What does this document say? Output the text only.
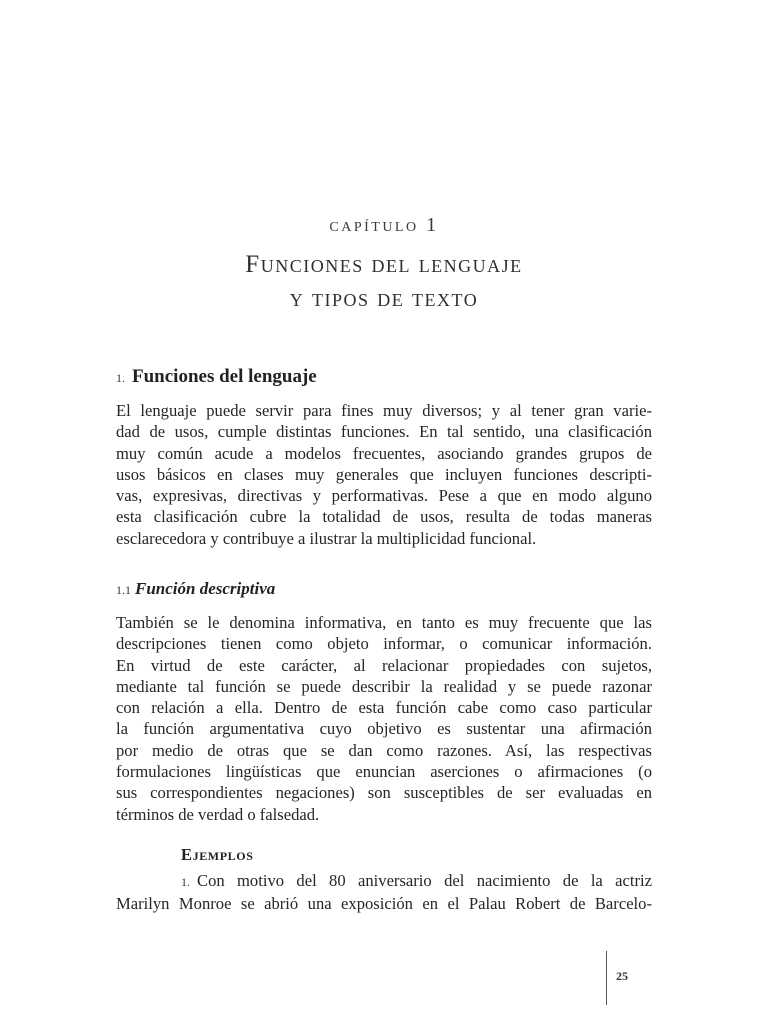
capítulo 1
Funciones del lenguaje
y tipos de texto
1. Funciones del lenguaje
El lenguaje puede servir para fines muy diversos; y al tener gran varie-
dad de usos, cumple distintas funciones. En tal sentido, una clasificación
muy común acude a modelos frecuentes, asociando grandes grupos de
usos básicos en clases muy generales que incluyen funciones descripti-
vas, expresivas, directivas y performativas. Pese a que en modo alguno
esta clasificación cubre la totalidad de usos, resulta de todas maneras
esclarecedora y contribuye a ilustrar la multiplicidad funcional.
1.1 Función descriptiva
También se le denomina informativa, en tanto es muy frecuente que las
descripciones tienen como objeto informar, o comunicar información.
En virtud de este carácter, al relacionar propiedades con sujetos,
mediante tal función se puede describir la realidad y se puede razonar
con relación a ella. Dentro de esta función cabe como caso particular
la función argumentativa cuyo objetivo es sustentar una afirmación
por medio de otras que se dan como razones. Así, las respectivas
formulaciones lingüísticas que enuncian aserciones o afirmaciones (o
sus correspondientes negaciones) son susceptibles de ser evaluadas en
términos de verdad o falsedad.
Ejemplos
1. Con motivo del 80 aniversario del nacimiento de la actriz
Marilyn Monroe se abrió una exposición en el Palau Robert de Barcelo-
25
